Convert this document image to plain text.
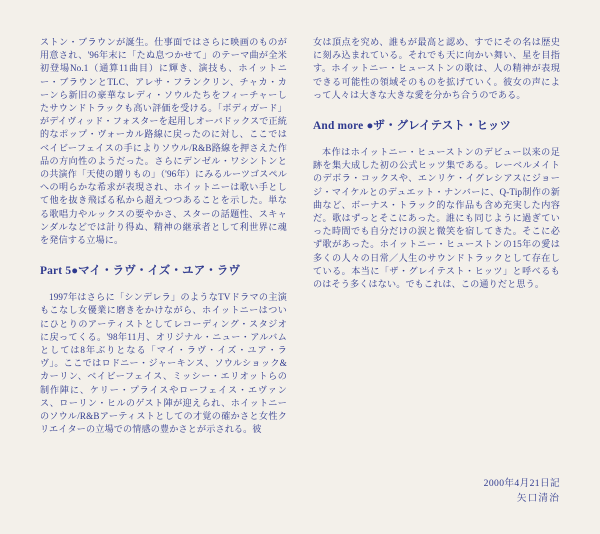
ストン・ブラウンが誕生。仕事面ではさらに映画のものが用意され、'96年末に「たぬ息つかせて」のテーマ曲が全米初登場No.1（通算11曲目）に輝き、演技も、ホイットニー・ブラウンとTLC、アレサ・フランクリン、チャカ・カーンら新旧の豪華なレディ・ソウルたちをフィーチャーしたサウンドトラックも高い評価を受ける。「ボディガード」がデイヴィッド・フォスターを起用しオーバドックスで正統的なポップ・ヴォーカル路線に戻ったのに対し、ここではベイビーフェイスの手によりソウル/R&B路線を押さえた作品の方向性のようだった。さらにデンゼル・ワシントンとの共演作「天使の贈りもの」（'96年）にみるルーツゴスペルへの明らかな希求が表現され、ホイットニーは歌い手として他を抜き飛ばる私から超えつつあることを示した。単なる歌唱力やルックスの要やかさ、スターの話題性、スキャンダルなどでは計り得ぬ、精神の継承者として利世界に魂を発信する立場に。

Part 5●マイ・ラヴ・イズ・ユア・ラヴ

1997年はさらに「シンデレラ」のようなTVドラマの主演もこなし女優業に磨きをかけながら、ホイットニーはついにひとりのアーティストとしてレコーディング・スタジオに戻ってくる。'98年11月、オリジナル・ニュー・アルバムとしては8年ぶりとなる「マイ・ラヴ・イズ・ユア・ラヴ」。ここではロドニー・ジャーキンス、ソウルショック&カーリン、ベイビーフェイス、ミッシー・エリオットらの制作陣に、ケリー・プライスやローフェイス・エヴァンス、ローリン・ヒルのゲスト陣が迎えられ、ホイットニーのソウル/R&Bアーティストとしての才覚の確かさと女性クリエイターの立場での情感の豊かさとが示される。彼

女は頂点を究め、誰もが最高と認め、すでにその名は歴史に刻み込まれている。それでも天に向かい舞い、星を目指す。ホイットニー・ヒューストンの歌は、人の精神が表現できる可能性の領域そのものを拡げていく。彼女の声によって人々は大きな大きな愛を分かち合うのである。

And more ●ザ・グレイテスト・ヒッツ

本作はホイットニー・ヒューストンのデビュー以来の足跡を集大成した初の公式ヒッツ集である。レーベルメイトのデボラ・コックスや、エンリケ・イグレシアスにジョージ・マイケルとのデュエット・ナンバーに、Q-Tip制作の新曲など、ボーナス・トラック的な作品も含め充実した内容だ。歌はずっとそこにあった。誰にも同じように過ぎていった時間でも自分だけの涙と微笑を宿してきた。そこに必ず歌があった。ホイットニー・ヒューストンの15年の愛は多くの人々の日常／人生のサウンドトラックとして存在している。本当に「ザ・グレイテスト・ヒッツ」と呼べるものはそう多くはない。でもこれは、この通りだと思う。

2000年4月21日記
矢口清治
